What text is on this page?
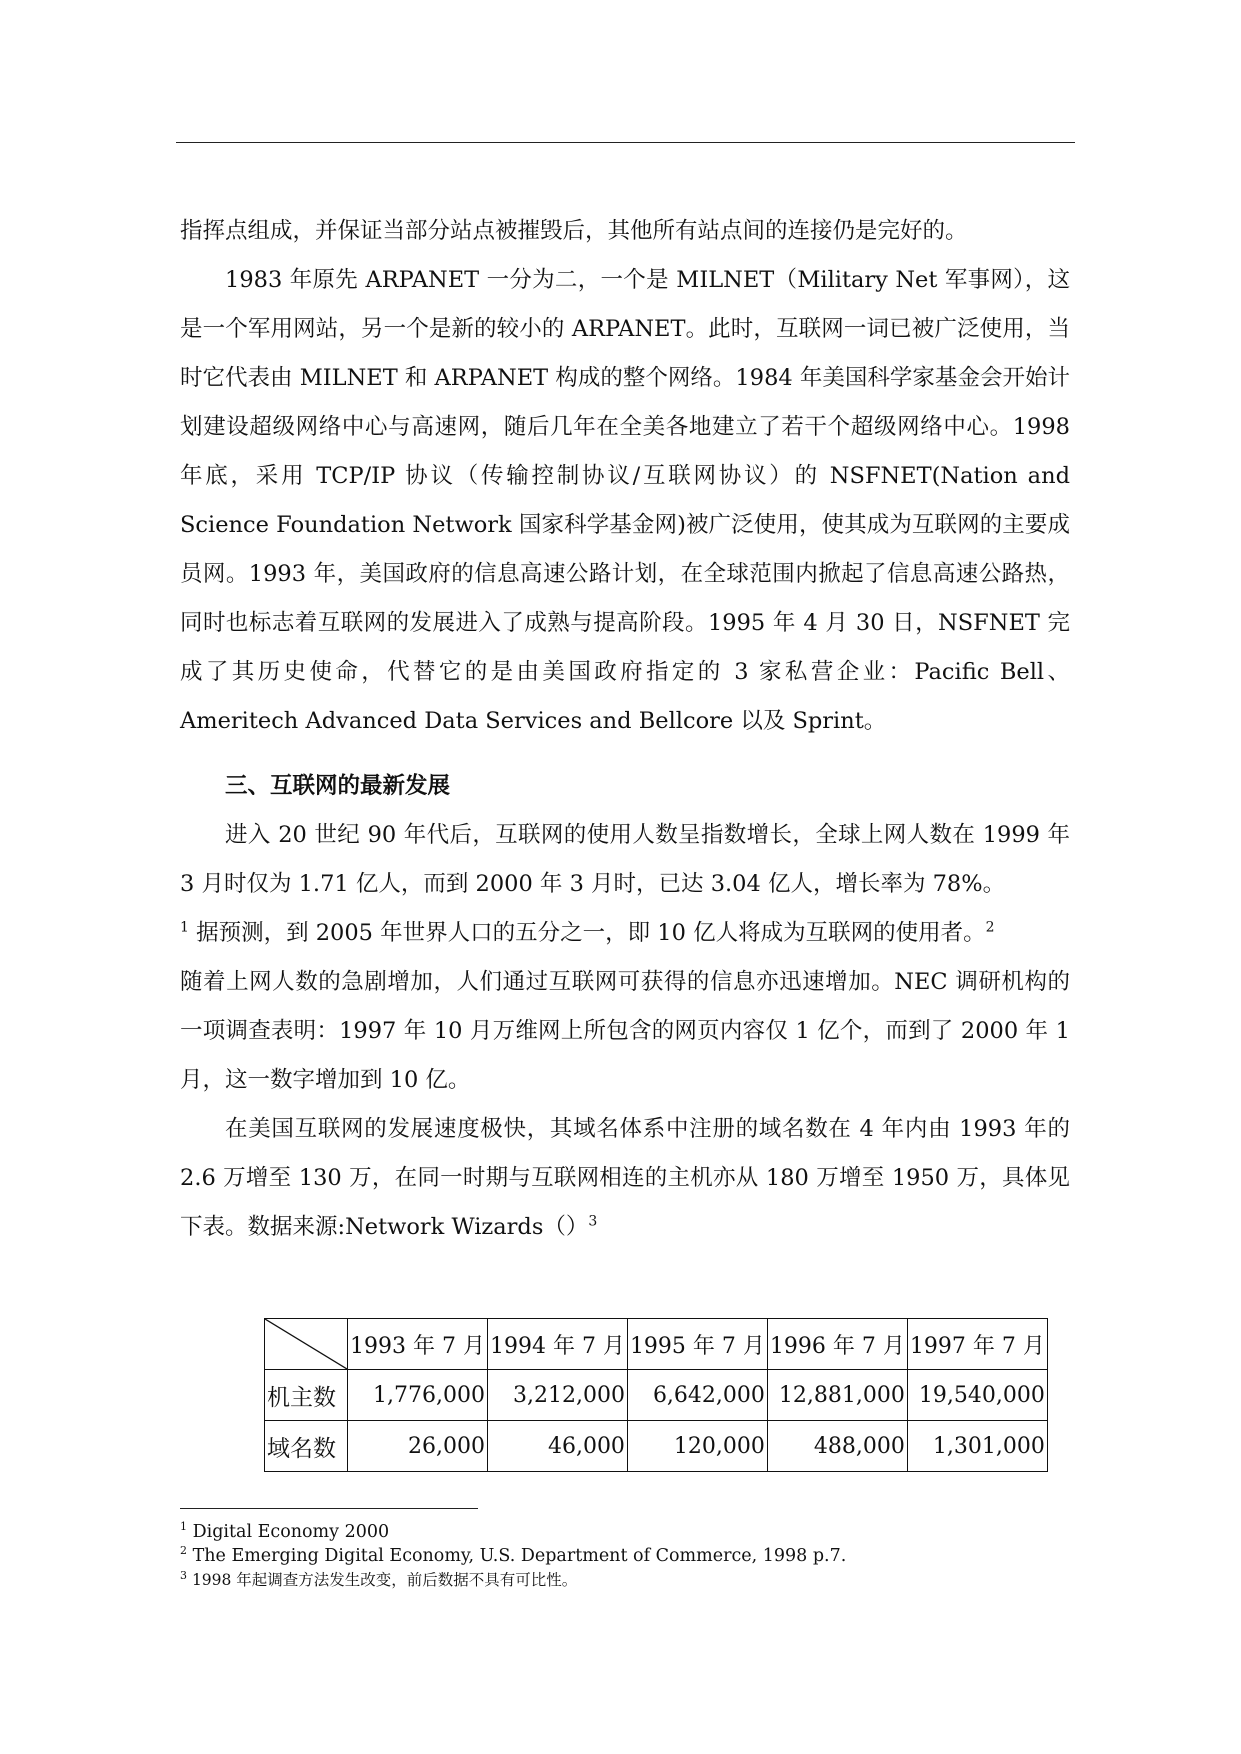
指挥点组成，并保证当部分站点被摧毁后，其他所有站点间的连接仍是完好的。

1983 年原先 ARPANET 一分为二，一个是 MILNET（Military Net 军事网），这是一个军用网站，另一个是新的较小的 ARPANET。此时，互联网一词已被广泛使用，当时它代表由 MILNET 和 ARPANET 构成的整个网络。1984 年美国科学家基金会开始计划建设超级网络中心与高速网，随后几年在全美各地建立了若干个超级网络中心。1998 年底，采用 TCP/IP 协议（传输控制协议/互联网协议）的 NSFNET(Nation and Science Foundation Network 国家科学基金网)被广泛使用，使其成为互联网的主要成员网。1993 年，美国政府的信息高速公路计划，在全球范围内掀起了信息高速公路热，同时也标志着互联网的发展进入了成熟与提高阶段。1995 年 4 月 30 日，NSFNET 完成了其历史使命，代替它的是由美国政府指定的 3 家私营企业：Pacific Bell、Ameritech Advanced Data Services and Bellcore 以及 Sprint。

三、互联网的最新发展

进入 20 世纪 90 年代后，互联网的使用人数呈指数增长，全球上网人数在 1999 年 3 月时仅为 1.71 亿人，而到 2000 年 3 月时，已达 3.04 亿人，增长率为 78%。
$^1$ 据预测，到 2005 年世界人口的五分之一，即 10 亿人将成为互联网的使用者。$^2$
随着上网人数的急剧增加，人们通过互联网可获得的信息亦迅速增加。NEC 调研机构的一项调查表明：1997 年 10 月万维网上所包含的网页内容仅 1 亿个，而到了 2000 年 1 月，这一数字增加到 10 亿。

在美国互联网的发展速度极快，其域名体系中注册的域名数在 4 年内由 1993 年的 2.6 万增至 130 万，在同一时期与互联网相连的主机亦从 180 万增至 1950 万，具体见下表。数据来源:Network Wizards（）$^3$

	1993 年 7 月	1994 年 7 月	1995 年 7 月	1996 年 7 月	1997 年 7 月
机主数	1,776,000	3,212,000	6,642,000	12,881,000	19,540,000
域名数	26,000	46,000	120,000	488,000	1,301,000

$^1$ Digital Economy 2000

$^2$ The Emerging Digital Economy, U.S. Department of Commerce, 1998 p.7.

$^3$ 1998 年起调查方法发生改变，前后数据不具有可比性。
